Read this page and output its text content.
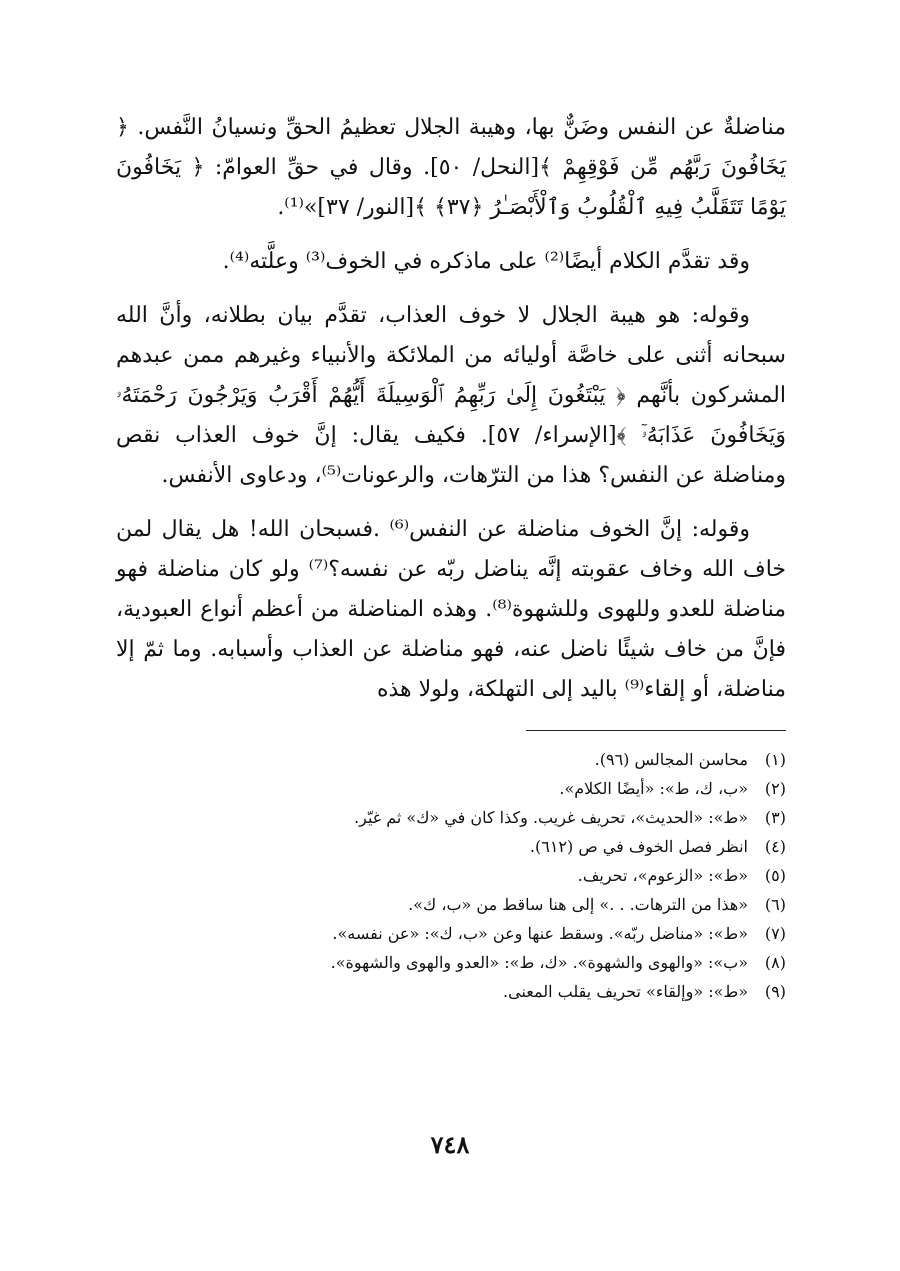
مناضلةٌ عن النفس وضَنٌّ بها، وهيبة الجلال تعظيمُ الحقِّ ونسيانُ النَّفس. ﴿ يَخَافُونَ رَبَّهُم مِّن فَوْقِهِمْ ﴾[النحل/ ٥٠]. وقال في حقِّ العوامّ: ﴿ يَخَافُونَ يَوْمًا تَتَقَلَّبُ فِيهِ ٱلْقُلُوبُ وَٱلْأَبْصَـٰرُ ﴿٣٧﴾ ﴾[النور/ ٣٧]»⁽¹⁾.

وقد تقدَّم الكلام أيضًا⁽²⁾ على ماذكره في الخوف⁽³⁾ وعلَّته⁽⁴⁾.

وقوله: هو هيبة الجلال لا خوف العذاب، تقدَّم بيان بطلانه، وأنَّ الله سبحانه أثنى على خاصَّة أوليائه من الملائكة والأنبياء وغيرهم ممن عبدهم المشركون بأنَّهم ﴿ يَبْتَغُونَ إِلَىٰ رَبِّهِمُ ٱلْوَسِيلَةَ أَيُّهُمْ أَقْرَبُ وَيَرْجُونَ رَحْمَتَهُۥ وَيَخَافُونَ عَذَابَهُۥٓ ﴾[الإسراء/ ٥٧]. فكيف يقال: إنَّ خوف العذاب نقص ومناضلة عن النفس؟ هذا من الترّهات، والرعونات⁽⁵⁾، ودعاوى الأنفس.

وقوله: إنَّ الخوف مناضلة عن النفس⁽⁶⁾ .فسبحان الله! هل يقال لمن خاف الله وخاف عقوبته إنَّه يناضل ربّه عن نفسه؟⁽⁷⁾ ولو كان مناضلة فهو مناضلة للعدو وللهوى وللشهوة⁽⁸⁾. وهذه المناضلة من أعظم أنواع العبودية، فإنَّ من خاف شيئًا ناضل عنه، فهو مناضلة عن العذاب وأسبابه. وما ثمّ إلا مناضلة، أو إلقاء⁽⁹⁾ باليد إلى التهلكة، ولولا هذه

(١)
محاسن المجالس (٩٦).
(٢)
«ب، ك، ط»: «أيضًا الكلام».
(٣)
«ط»: «الحديث»، تحريف غريب. وكذا كان في «ك» ثم غيّر.
(٤)
انظر فصل الخوف في ص (٦١٢).
(٥)
«ط»: «الزعوم»، تحريف.
(٦)
«هذا من الترهات. . .» إلى هنا ساقط من «ب، ك».
(٧)
«ط»: «مناضل ربّه». وسقط عنها وعن «ب، ك»: «عن نفسه».
(٨)
«ب»: «والهوى والشهوة». «ك، ط»: «العدو والهوى والشهوة».
(٩)
«ط»: «وإلقاء» تحريف يقلب المعنى.
٧٤٨
